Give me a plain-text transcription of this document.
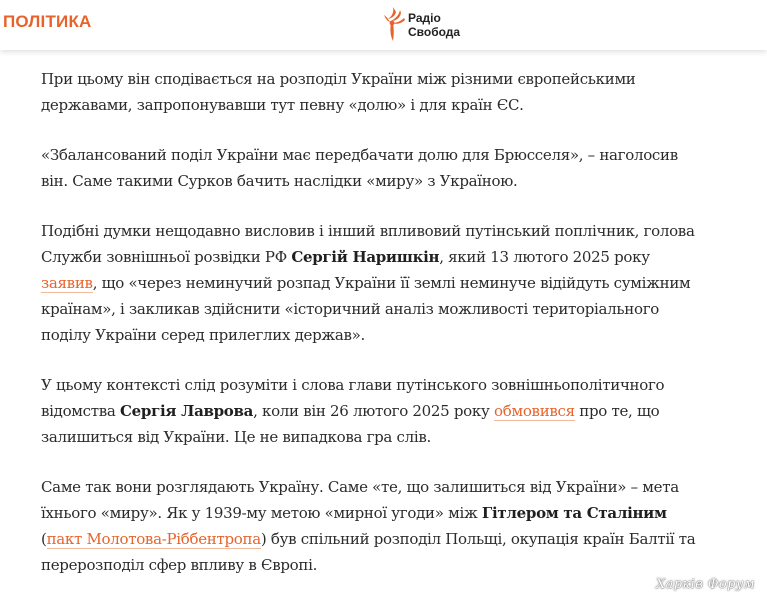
ПОЛІТИКА	Радіо
Свобода

При цьому він сподівається на розподіл України між різними європейськими державами, запропонувавши тут певну «долю» і для країн ЄС.

«Збалансований поділ України має передбачати долю для Брюсселя», – наголосив він. Саме такими Сурков бачить наслідки «миру» з Україною.

Подібні думки нещодавно висловив і інший впливовий путінський поплічник, голова Служби зовнішньої розвідки РФ Сергій Наришкін, який 13 лютого 2025 року заявив, що «через неминучий розпад України її землі неминуче відійдуть суміжним країнам», і закликав здійснити «історичний аналіз можливості територіального поділу України серед прилеглих держав».

У цьому контексті слід розуміти і слова глави путінського зовнішньополітичного відомства Сергія Лаврова, коли він 26 лютого 2025 року обмовився про те, що залишиться від України. Це не випадкова гра слів.

Саме так вони розглядають Україну. Саме «те, що залишиться від України» – мета їхнього «миру». Як у 1939-му метою «мирної угоди» між Гітлером та Сталіним (пакт Молотова-Ріббентропа) був спільний розподіл Польщі, окупація країн Балтії та перерозподіл сфер впливу в Європі.

Харків Форум
